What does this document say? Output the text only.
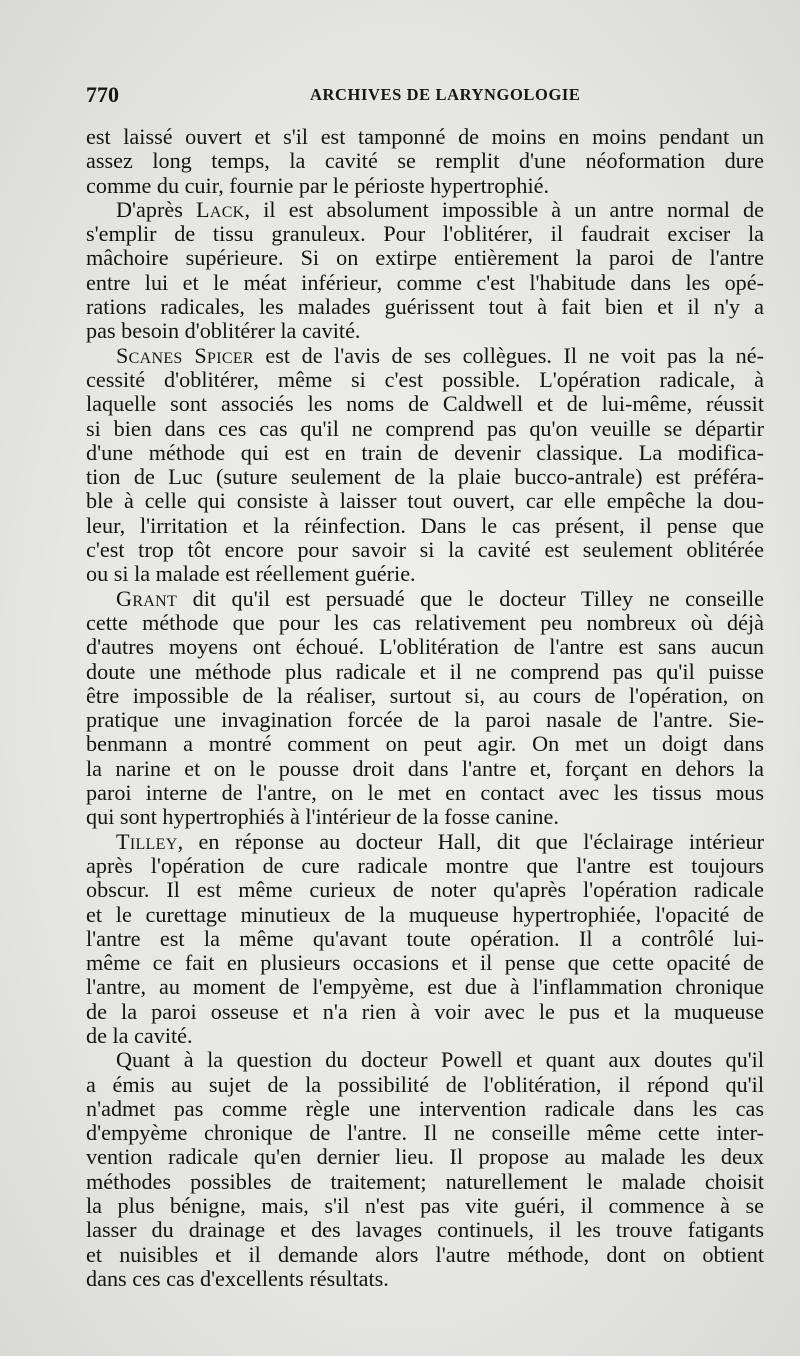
770	ARCHIVES DE LARYNGOLOGIE
est laissé ouvert et s'il est tamponné de moins en moins pendant un
assez long temps, la cavité se remplit d'une néoformation dure
comme du cuir, fournie par le périoste hypertrophié.
D'après Lack, il est absolument impossible à un antre normal de
s'emplir de tissu granuleux. Pour l'oblitérer, il faudrait exciser la
mâchoire supérieure. Si on extirpe entièrement la paroi de l'antre
entre lui et le méat inférieur, comme c'est l'habitude dans les opé-
rations radicales, les malades guérissent tout à fait bien et il n'y a
pas besoin d'oblitérer la cavité.
Scanes Spicer est de l'avis de ses collègues. Il ne voit pas la né-
cessité d'oblitérer, même si c'est possible. L'opération radicale, à
laquelle sont associés les noms de Caldwell et de lui-même, réussit
si bien dans ces cas qu'il ne comprend pas qu'on veuille se départir
d'une méthode qui est en train de devenir classique. La modifica-
tion de Luc (suture seulement de la plaie bucco-antrale) est préféra-
ble à celle qui consiste à laisser tout ouvert, car elle empêche la dou-
leur, l'irritation et la réinfection. Dans le cas présent, il pense que
c'est trop tôt encore pour savoir si la cavité est seulement oblitérée
ou si la malade est réellement guérie.
Grant dit qu'il est persuadé que le docteur Tilley ne conseille
cette méthode que pour les cas relativement peu nombreux où déjà
d'autres moyens ont échoué. L'oblitération de l'antre est sans aucun
doute une méthode plus radicale et il ne comprend pas qu'il puisse
être impossible de la réaliser, surtout si, au cours de l'opération, on
pratique une invagination forcée de la paroi nasale de l'antre. Sie-
benmann a montré comment on peut agir. On met un doigt dans
la narine et on le pousse droit dans l'antre et, forçant en dehors la
paroi interne de l'antre, on le met en contact avec les tissus mous
qui sont hypertrophiés à l'intérieur de la fosse canine.
Tilley, en réponse au docteur Hall, dit que l'éclairage intérieur
après l'opération de cure radicale montre que l'antre est toujours
obscur. Il est même curieux de noter qu'après l'opération radicale
et le curettage minutieux de la muqueuse hypertrophiée, l'opacité de
l'antre est la même qu'avant toute opération. Il a contrôlé lui-
même ce fait en plusieurs occasions et il pense que cette opacité de
l'antre, au moment de l'empyème, est due à l'inflammation chronique
de la paroi osseuse et n'a rien à voir avec le pus et la muqueuse
de la cavité.
Quant à la question du docteur Powell et quant aux doutes qu'il
a émis au sujet de la possibilité de l'oblitération, il répond qu'il
n'admet pas comme règle une intervention radicale dans les cas
d'empyème chronique de l'antre. Il ne conseille même cette inter-
vention radicale qu'en dernier lieu. Il propose au malade les deux
méthodes possibles de traitement; naturellement le malade choisit
la plus bénigne, mais, s'il n'est pas vite guéri, il commence à se
lasser du drainage et des lavages continuels, il les trouve fatigants
et nuisibles et il demande alors l'autre méthode, dont on obtient
dans ces cas d'excellents résultats.
